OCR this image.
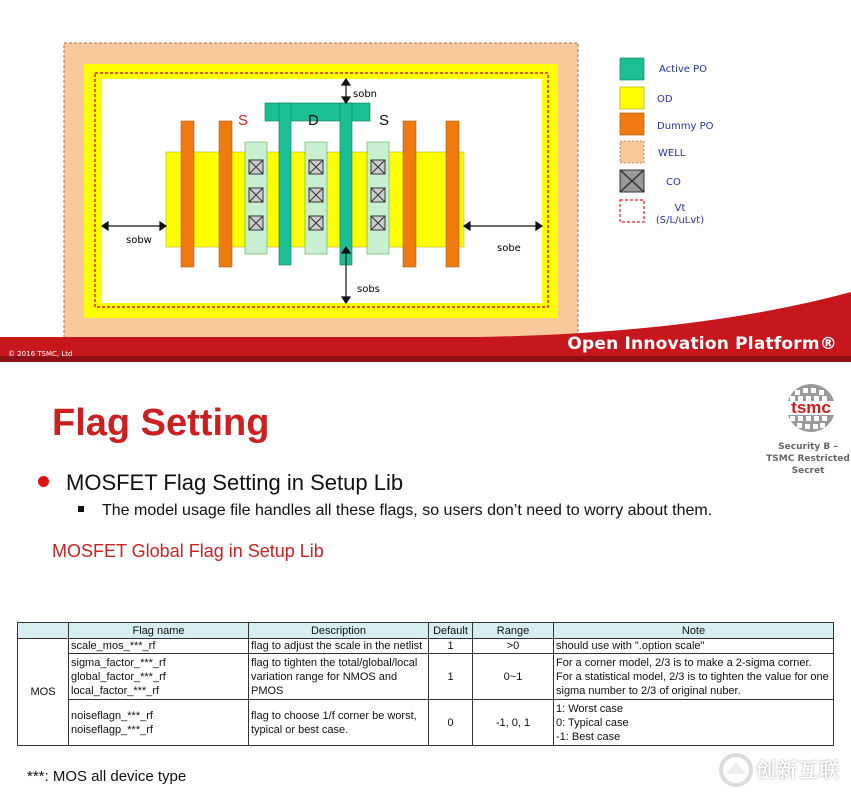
S	D	S
sobn
sobw
sobe
sobs
Active PO
OD
Dummy PO
WELL
CO
Vt
(S/L/uLvt)
Open Innovation Platform®
© 2016 TSMC, Ltd
12
Flag Setting	tsmc
Security B –
TSMC Restricted
Secret
MOSFET Flag Setting in Setup Lib
The model usage file handles all these flags, so users don’t need to worry about them.
MOSFET Global Flag in Setup Lib
	Flag name	Description	Default	Range	Note
MOS	scale_mos_***_rf	flag to adjust the scale in the netlist	1	>0	should use with ".option scale"
	sigma_factor_***_rf
global_factor_***_rf
local_factor_***_rf	flag to tighten the total/global/local variation range for NMOS and PMOS	1	0~1	For a corner model, 2/3 is to make a 2-sigma corner. For a statistical model, 2/3 is to tighten the value for one sigma number to 2/3 of original nuber.
	noiseflagn_***_rf
noiseflagp_***_rf	flag to choose 1/f corner be worst, typical or best case.	0	-1, 0, 1	1: Worst case
0: Typical case
-1: Best case
***: MOS all device type	创新互联
